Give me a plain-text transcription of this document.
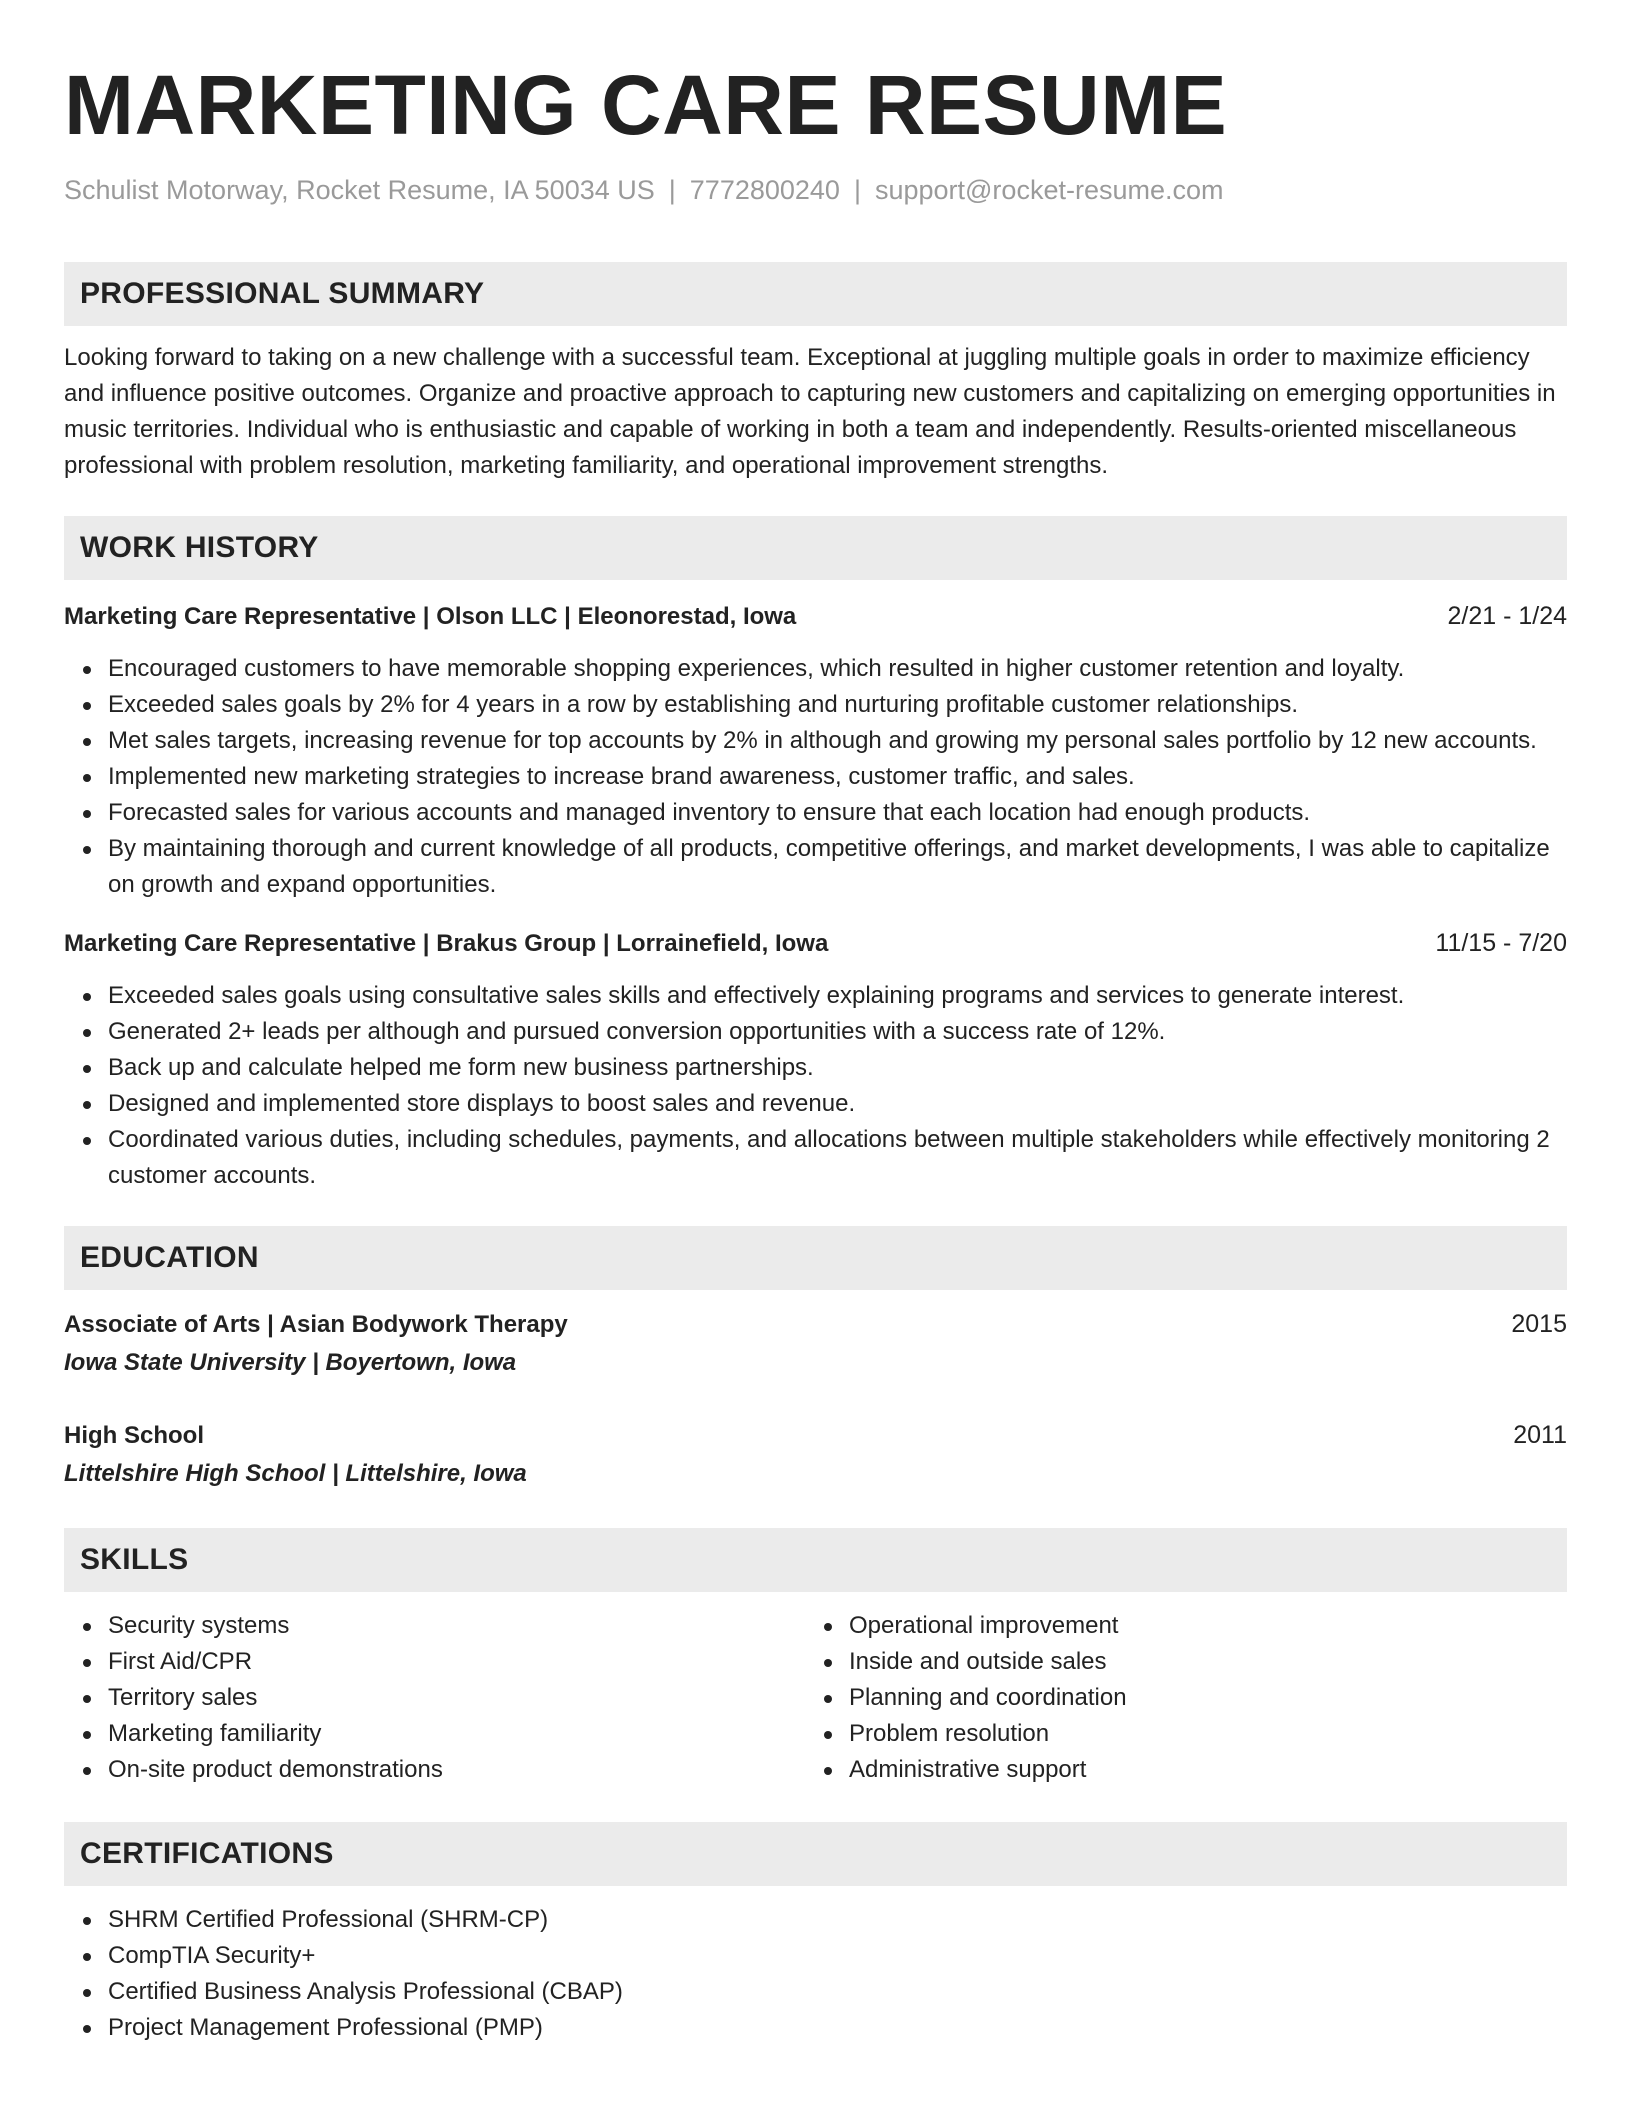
MARKETING CARE RESUME
Schulist Motorway, Rocket Resume, IA 50034 US | 7772800240 | support@rocket-resume.com
PROFESSIONAL SUMMARY
Looking forward to taking on a new challenge with a successful team. Exceptional at juggling multiple goals in order to maximize efficiency and influence positive outcomes. Organize and proactive approach to capturing new customers and capitalizing on emerging opportunities in music territories. Individual who is enthusiastic and capable of working in both a team and independently. Results-oriented miscellaneous professional with problem resolution, marketing familiarity, and operational improvement strengths.
WORK HISTORY
Marketing Care Representative | Olson LLC | Eleonorestad, Iowa	2/21 - 1/24
Encouraged customers to have memorable shopping experiences, which resulted in higher customer retention and loyalty.
Exceeded sales goals by 2% for 4 years in a row by establishing and nurturing profitable customer relationships.
Met sales targets, increasing revenue for top accounts by 2% in although and growing my personal sales portfolio by 12 new accounts.
Implemented new marketing strategies to increase brand awareness, customer traffic, and sales.
Forecasted sales for various accounts and managed inventory to ensure that each location had enough products.
By maintaining thorough and current knowledge of all products, competitive offerings, and market developments, I was able to capitalize on growth and expand opportunities.
Marketing Care Representative | Brakus Group | Lorrainefield, Iowa	11/15 - 7/20
Exceeded sales goals using consultative sales skills and effectively explaining programs and services to generate interest.
Generated 2+ leads per although and pursued conversion opportunities with a success rate of 12%.
Back up and calculate helped me form new business partnerships.
Designed and implemented store displays to boost sales and revenue.
Coordinated various duties, including schedules, payments, and allocations between multiple stakeholders while effectively monitoring 2 customer accounts.
EDUCATION
Associate of Arts | Asian Bodywork Therapy	2015
Iowa State University | Boyertown, Iowa
High School	2011
Littelshire High School | Littelshire, Iowa
SKILLS
Security systems
First Aid/CPR
Territory sales
Marketing familiarity
On-site product demonstrations
Operational improvement
Inside and outside sales
Planning and coordination
Problem resolution
Administrative support
CERTIFICATIONS
SHRM Certified Professional (SHRM-CP)
CompTIA Security+
Certified Business Analysis Professional (CBAP)
Project Management Professional (PMP)
